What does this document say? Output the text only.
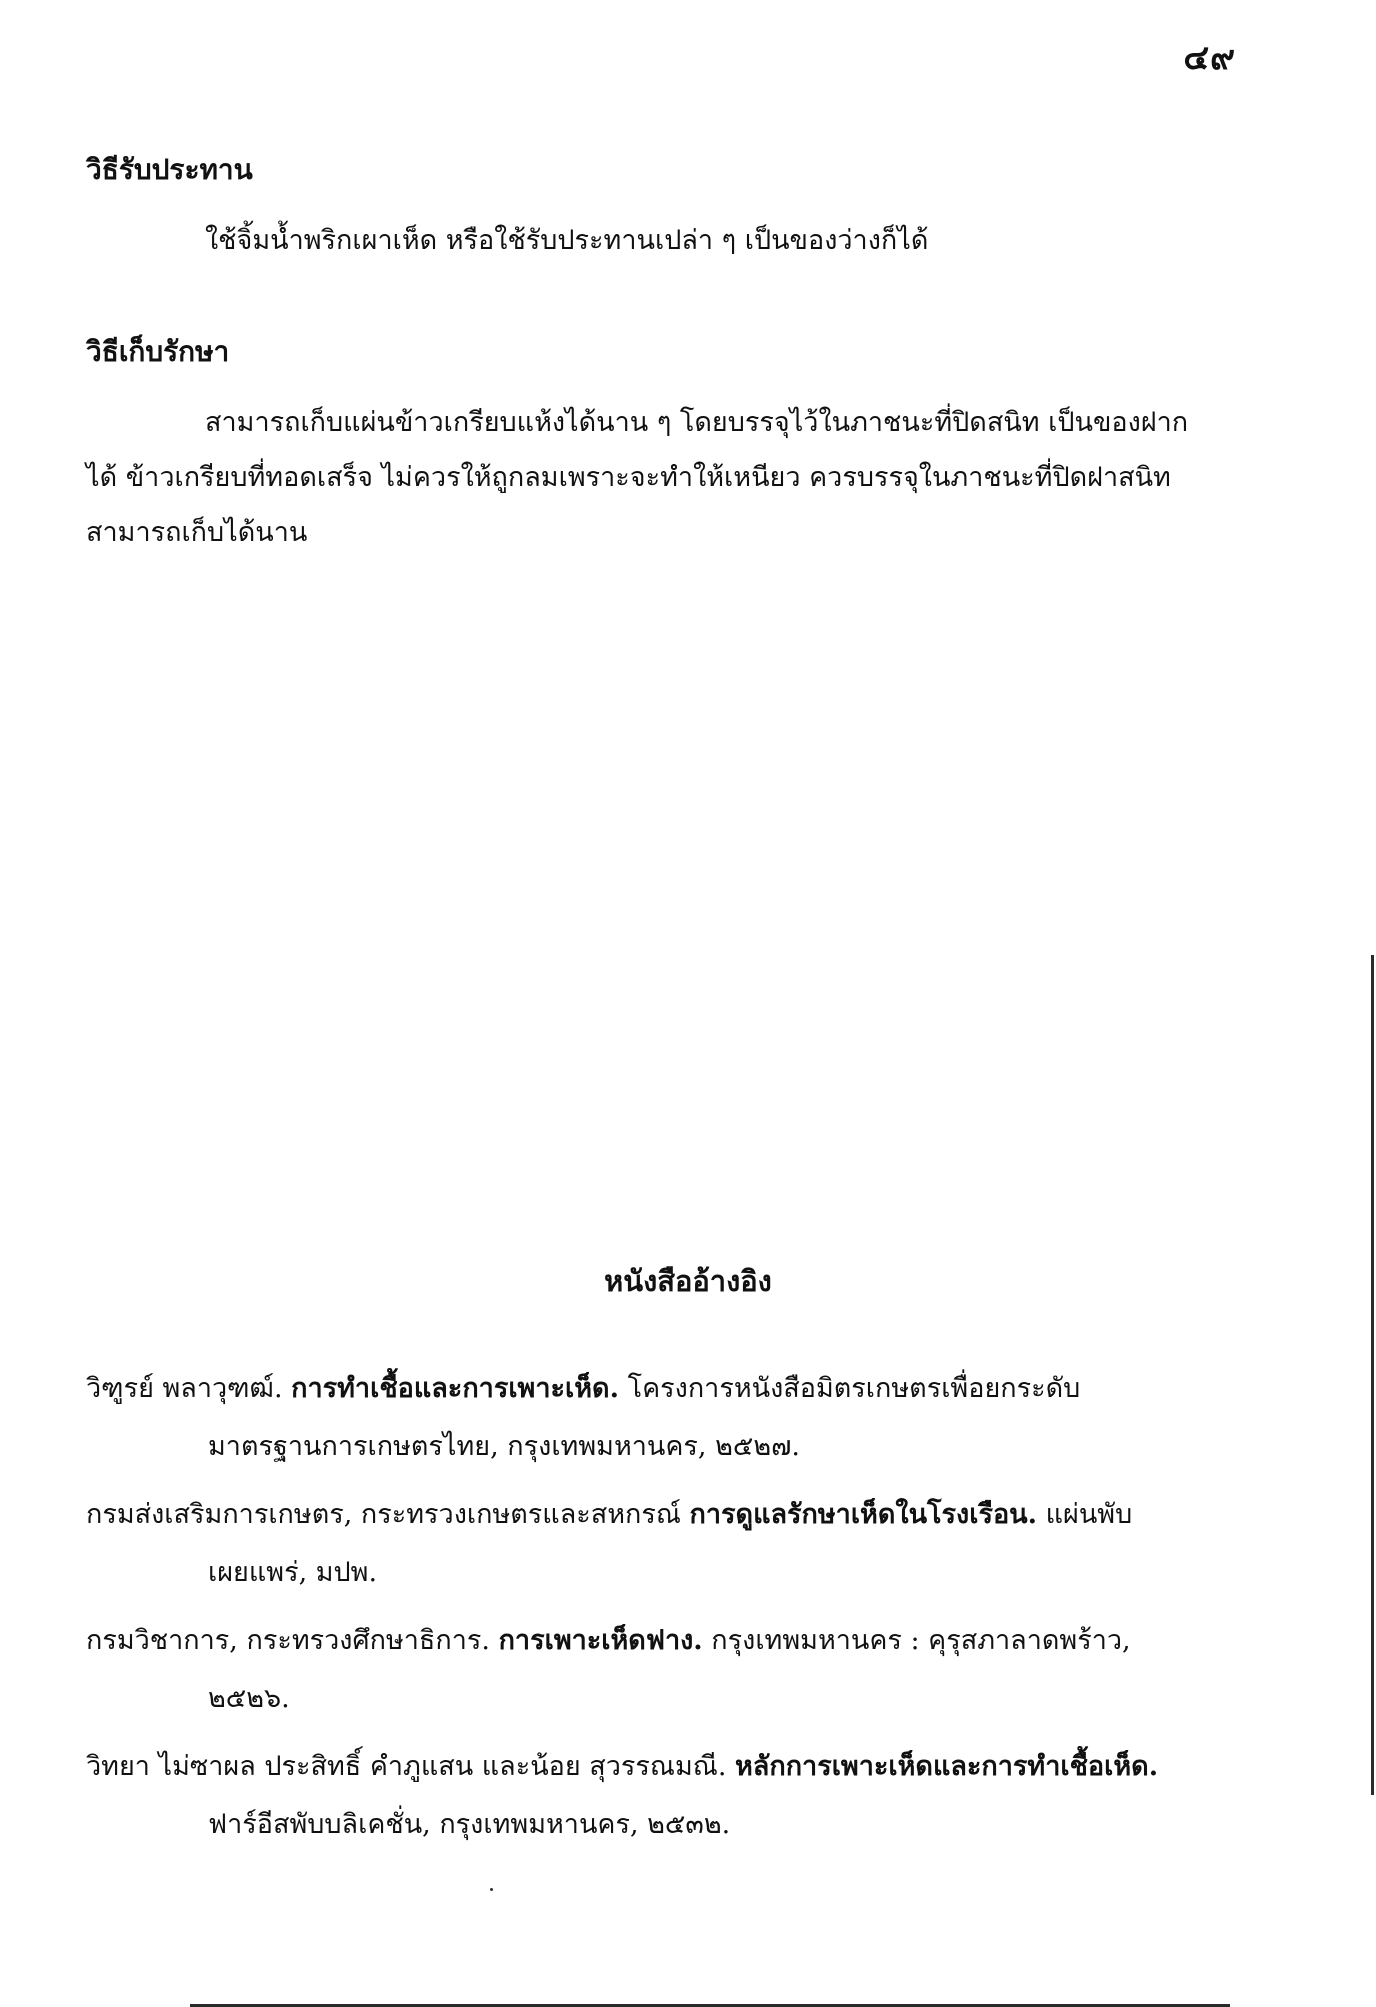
๔๙
วิธีรับประทาน
ใช้จิ้มน้ำพริกเผาเห็ด หรือใช้รับประทานเปล่า ๆ เป็นของว่างก็ได้
วิธีเก็บรักษา
สามารถเก็บแผ่นข้าวเกรียบแห้งได้นาน ๆ โดยบรรจุไว้ในภาชนะที่ปิดสนิท เป็นของฝาก
ได้ ข้าวเกรียบที่ทอดเสร็จ ไม่ควรให้ถูกลมเพราะจะทำให้เหนียว ควรบรรจุในภาชนะที่ปิดฝาสนิท
สามารถเก็บได้นาน
หนังสืออ้างอิง
วิฑูรย์ พลาวุฑฒ์. การทำเชื้อและการเพาะเห็ด. โครงการหนังสือมิตรเกษตรเพื่อยกระดับ
มาตรฐานการเกษตรไทย, กรุงเทพมหานคร, ๒๕๒๗.
กรมส่งเสริมการเกษตร, กระทรวงเกษตรและสหกรณ์ การดูแลรักษาเห็ดในโรงเรือน. แผ่นพับ
เผยแพร่, มปพ.
กรมวิชาการ, กระทรวงศึกษาธิการ. การเพาะเห็ดฟาง. กรุงเทพมหานคร : คุรุสภาลาดพร้าว,
๒๕๒๖.
วิทยา ไม่ซาผล ประสิทธิ์ คำภูแสน และน้อย สุวรรณมณี. หลักการเพาะเห็ดและการทำเชื้อเห็ด.
ฟาร์อีสพับบลิเคชั่น, กรุงเทพมหานคร, ๒๕๓๒.
